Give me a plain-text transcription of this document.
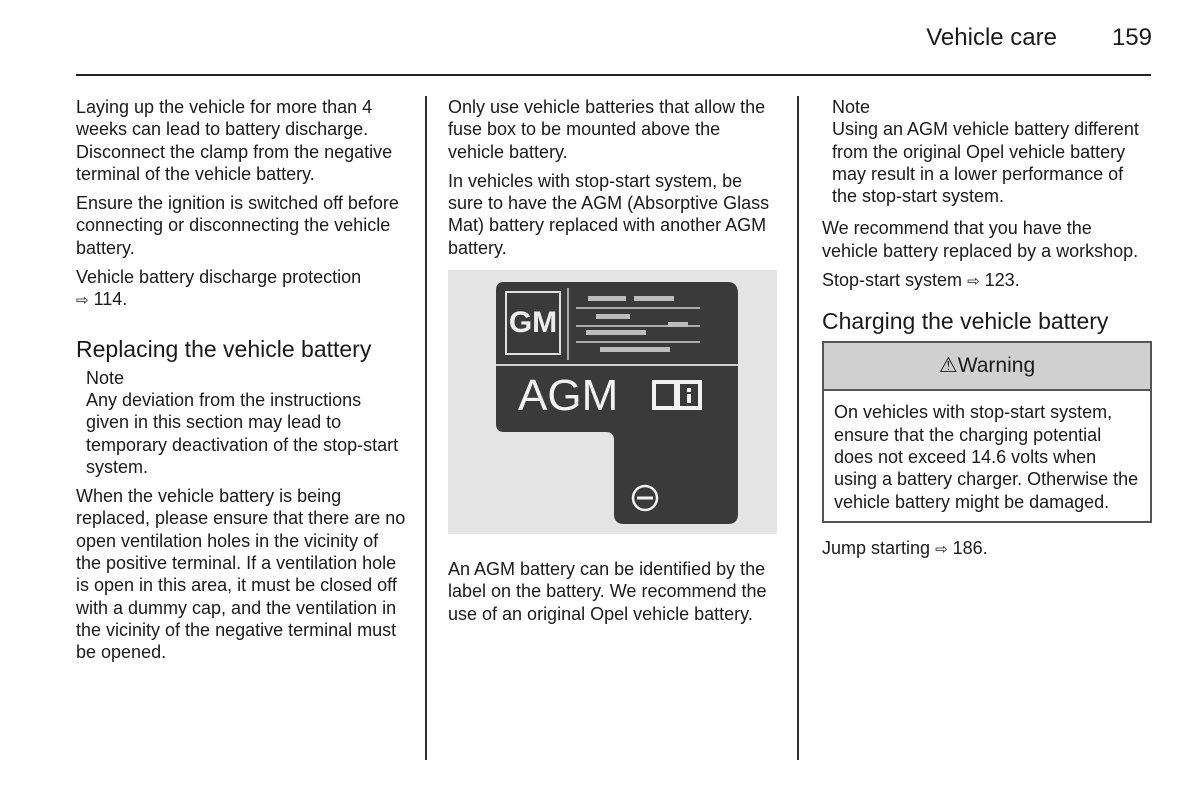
Vehicle care 159

Laying up the vehicle for more than 4 weeks can lead to battery discharge. Disconnect the clamp from the negative terminal of the vehicle battery.

Ensure the ignition is switched off before connecting or disconnecting the vehicle battery.

Vehicle battery discharge protection
⇨ 114.

Replacing the vehicle battery
Note
Any deviation from the instructions given in this section may lead to temporary deactivation of the stop-start system.

When the vehicle battery is being replaced, please ensure that there are no open ventilation holes in the vicinity of the positive terminal. If a ventilation hole is open in this area, it must be closed off with a dummy cap, and the ventilation in the vicinity of the negative terminal must be opened.

Only use vehicle batteries that allow the fuse box to be mounted above the vehicle battery.

In vehicles with stop-start system, be sure to have the AGM (Absorptive Glass Mat) battery replaced with another AGM battery.

GM
AGM

An AGM battery can be identified by the label on the battery. We recommend the use of an original Opel vehicle battery.

Note
Using an AGM vehicle battery different from the original Opel vehicle battery may result in a lower performance of the stop-start system.

We recommend that you have the vehicle battery replaced by a workshop.

Stop-start system ⇨ 123.

Charging the vehicle battery
⚠Warning
On vehicles with stop-start system, ensure that the charging potential does not exceed 14.6 volts when using a battery charger. Otherwise the vehicle battery might be damaged.

Jump starting ⇨ 186.
